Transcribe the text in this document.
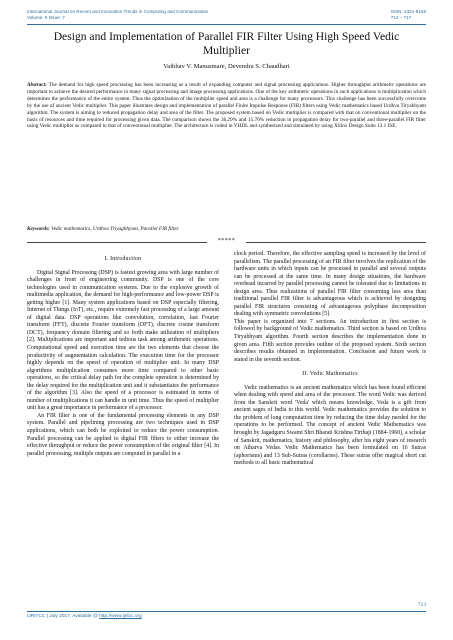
International Journal on Recent and Innovation Trends in Computing and Communication
Volume: 5 Issue: 7
ISSN: 2321-8169
713 – 717
Design and Implementation of Parallel FIR Filter Using High Speed Vedic Multiplier
Vaibhav V. Manusmare, Devendra S. Chaudhari
Abstract: The demand for high speed processing has been increasing as a result of expanding computer and signal processing applications. Higher throughput arithmetic operations are important to achieve the desired performance in many signal processing and image processing applications. One of the key arithmetic operations in such applications is multiplication which determines the performance of the entire system. Thus the optimization of the multiplier speed and area is a challenge for many processors. This challenge has been successfully overcome by the use of ancient Vedic multiplier. This paper illustrates design and implementation of parallel Finite Impulse Response (FIR) filters using Vedic mathematics based Urdhva Tiryabhyam algorithm. The system is aiming to reduced propagation delay and area of the filter. The proposed system based on Vedic multiplier is compared with that on conventional multiplier on the basis of resources and time required for processing given data. The comparison shows the 36.29% and 15.70% reduction in propagation delay for two-parallel and three-parallel FIR filter using Vedic multiplier as compared to that of conventional multiplier. The architecture is coded in VHDL and synthesized and simulated by using Xilinx Design Suite 13.1 ISE.
Keywords: Vedic mathematics, Urdhva Triyagbhyam, Parallel FIR filter.
*****
I. Introduction

Digital Signal Processing (DSP) is fastest growing area with large number of challenges in front of engineering community. DSP is one of the core technologies used in communication systems. Due to the explosive growth of multimedia application, the demand for high-performance and low-power DSP is getting higher [1]. Many system applications based on DSP especially filtering, Internet of Things (IoT), etc., require extremely fast processing of a large amount of digital data. DSP operations like convolution, correlation, fast Fourier transform (FFT), discrete Fourier transform (DFT), discrete cosine transform (DCT), frequency domain filtering and so forth make utilization of multipliers [2]. Multiplications are important and tedious task among arithmetic operations. Computational speed and execution time are the two elements that choose the productivity of augmentation calculation. The execution time for the processor highly depends on the speed of operation of multiplier unit. In many DSP algorithms multiplication consumes more time compared to other basic operations, so the critical delay path for the complete operation is determined by the delay required for the multiplication unit and it substantiates the performance of the algorithm [3]. Also the speed of a processor is estimated in terms of number of multiplications it can handle in unit time. Thus the speed of multiplier unit has a great importance in performance of a processor.

An FIR filter is one of the fundamental processing elements in any DSP system. Parallel and pipelining processing are two techniques used in DSP applications, which can both be exploited to reduce the power consumption. Parallel processing can be applied to digital FIR filters to either increase the effective throughput or reduce the power consumption of the original filter [4]. In parallel processing, multiple outputs are computed in parallel in a

clock period. Therefore, the effective sampling speed is increased by the level of parallelism. The parallel processing of an FIR filter involves the replication of the hardware units in which inputs can be processed in parallel and several outputs can be processed at the same time. In many design situations, the hardware overhead incurred by parallel processing cannot be tolerated due to limitations in design area. Thus realizations of parallel FIR filter consuming less area than traditional parallel FIR filter is advantageous which is achieved by designing parallel FIR structures consisting of advantageous polyphase decomposition dealing with symmetric convolutions [5].

This paper is organized into 7 sections. An introduction in first section is followed by background of Vedic mathematics. Third section is based on Urdhva Tiryabhyam algorithm. Fourth section describes the implementation done in given area. Fifth section provides outline of the proposed system. Sixth section describes results obtained in implementation. Conclusion and future work is stated in the seventh section.

II. Vedic Mathematics

Vedic mathematics is an ancient mathematics which has been found efficient when dealing with speed and area of the processor. The word Vedic was derived from the Sanskrit word 'Veda' which means knowledge. Veda is a gift from ancient sages of India to this world. Vedic mathematics provides the solution to the problem of long computation time by reducing the time delay needed for the operations to be performed. The concept of ancient Vedic Mathematics was brought by Jagadguru Swami Shri Bharati Krishna Tirthaji (1884-1960), a scholar of Sanskrit, mathematics, history and philosophy, after his eight years of research on Atharva Vedas. Vedic Mathematics has been formulated on 16 Sutras (aphorisms) and 13 Sub-Sutras (corollaries). These sutras offer magical short cut methods to all basic mathematical

713
IJRITCC | July 2017, Available @ http://www.ijritcc.org
